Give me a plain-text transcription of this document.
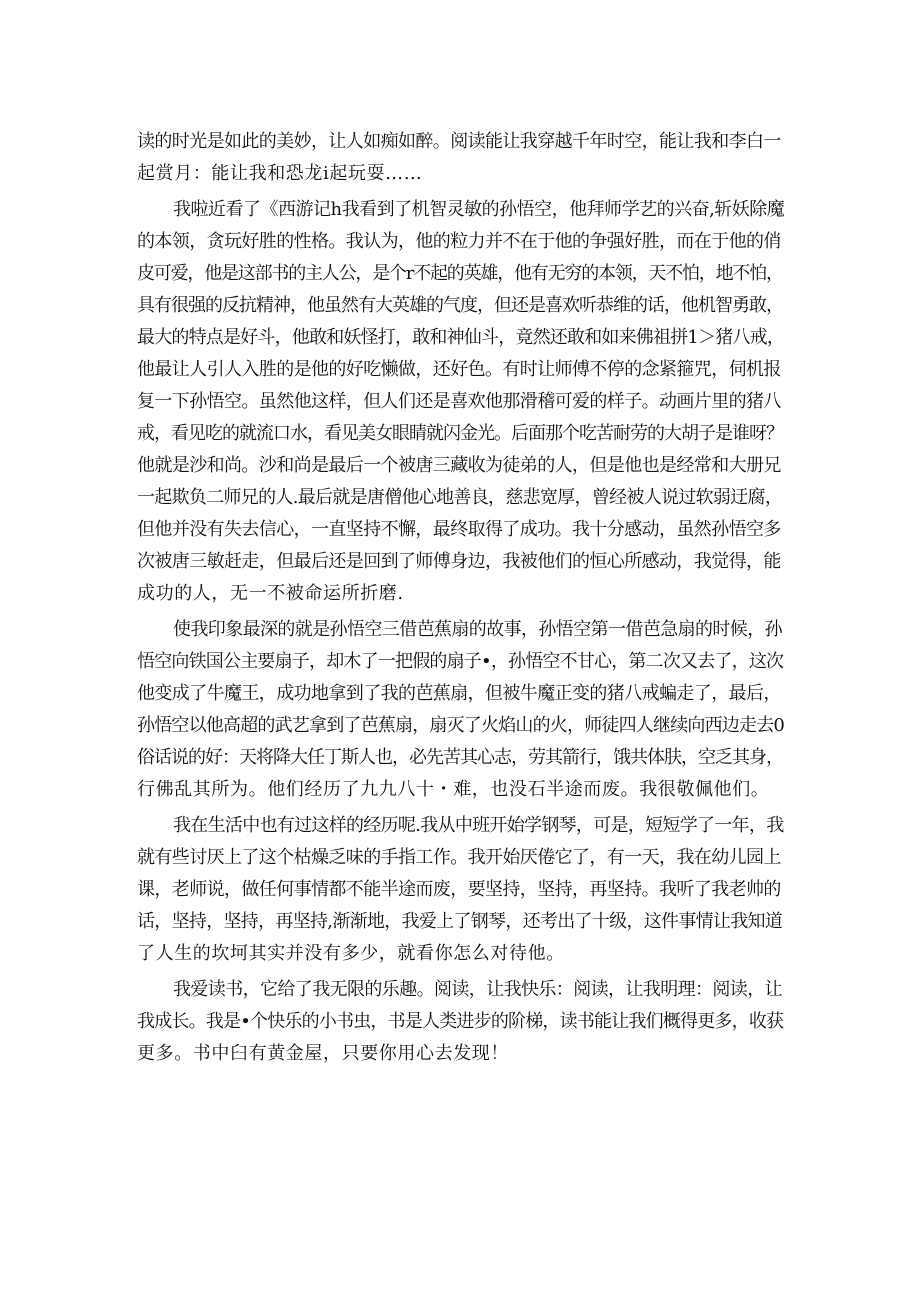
读的时光是如此的美妙，让人如痴如醉。阅读能让我穿越千年时空，能让我和李白一
起赏月：能让我和恐龙i起玩耍……
我啦近看了《西游记h我看到了机智灵敏的孙悟空，他拜师学艺的兴奋,斩妖除魔
的本领，贪玩好胜的性格。我认为，他的粒力并不在于他的争强好胜，而在于他的俏
皮可爱，他是这部书的主人公，是个r不起的英雄，他有无穷的本领，天不怕，地不怕，
具有很强的反抗精神，他虽然有大英雄的气度，但还是喜欢听恭维的话，他机智勇敢，
最大的特点是好斗，他敢和妖怪打，敢和神仙斗，竟然还敢和如来佛祖拼1＞猪八戒，
他最让人引人入胜的是他的好吃懒做，还好色。有时让师傅不停的念紧箍咒，伺机报
复一下孙悟空。虽然他这样，但人们还是喜欢他那滑稽可爱的样子。动画片里的猪八
戒，看见吃的就流口水，看见美女眼睛就闪金光。后面那个吃苦耐劳的大胡子是谁呀？
他就是沙和尚。沙和尚是最后一个被唐三藏收为徒弟的人，但是他也是经常和大册兄
一起欺负二师兄的人.最后就是唐僧他心地善良，慈悲宽厚，曾经被人说过软弱迂腐，
但他并没有失去信心，一直坚持不懈，最终取得了成功。我十分感动，虽然孙悟空多
次被唐三敏赶走，但最后还是回到了师傅身边，我被他们的恒心所感动，我觉得，能
成功的人，无一不被命运所折磨.
使我印象最深的就是孙悟空三借芭蕉扇的故事，孙悟空第一借芭急扇的时候，孙
悟空向铁国公主要扇子，却木了一把假的扇子•，孙悟空不甘心，第二次又去了，这次
他变成了牛魔王，成功地拿到了我的芭蕉扇，但被牛魔正变的猪八戒蝙走了，最后，
孙悟空以他高超的武艺拿到了芭蕉扇，扇灭了火焰山的火，师徒四人继续向西边走去0
俗话说的好：天将降大任丁斯人也，必先苦其心志，劳其箭行，饿共体肤，空乏其身，
行佛乱其所为。他们经历了九九八十・难，也没石半途而废。我很敬佩他们。
我在生活中也有过这样的经历呢.我从中班开始学钢琴，可是，短短学了一年，我
就有些讨厌上了这个枯燥乏味的手指工作。我开始厌倦它了，有一天，我在幼儿园上
课，老师说，做任何事情都不能半途而废，要坚持，坚持，再坚持。我听了我老帅的
话，坚持，坚持，再坚持,渐渐地，我爱上了钢琴，还考出了十级，这件事情让我知道
了人生的坎坷其实并没有多少，就看你怎么对待他。
我爱读书，它给了我无限的乐趣。阅读，让我快乐：阅读，让我明理：阅读，让
我成长。我是•个快乐的小书虫，书是人类进步的阶梯，读书能让我们概得更多，收获
更多。书中臼有黄金屋，只要你用心去发现！
